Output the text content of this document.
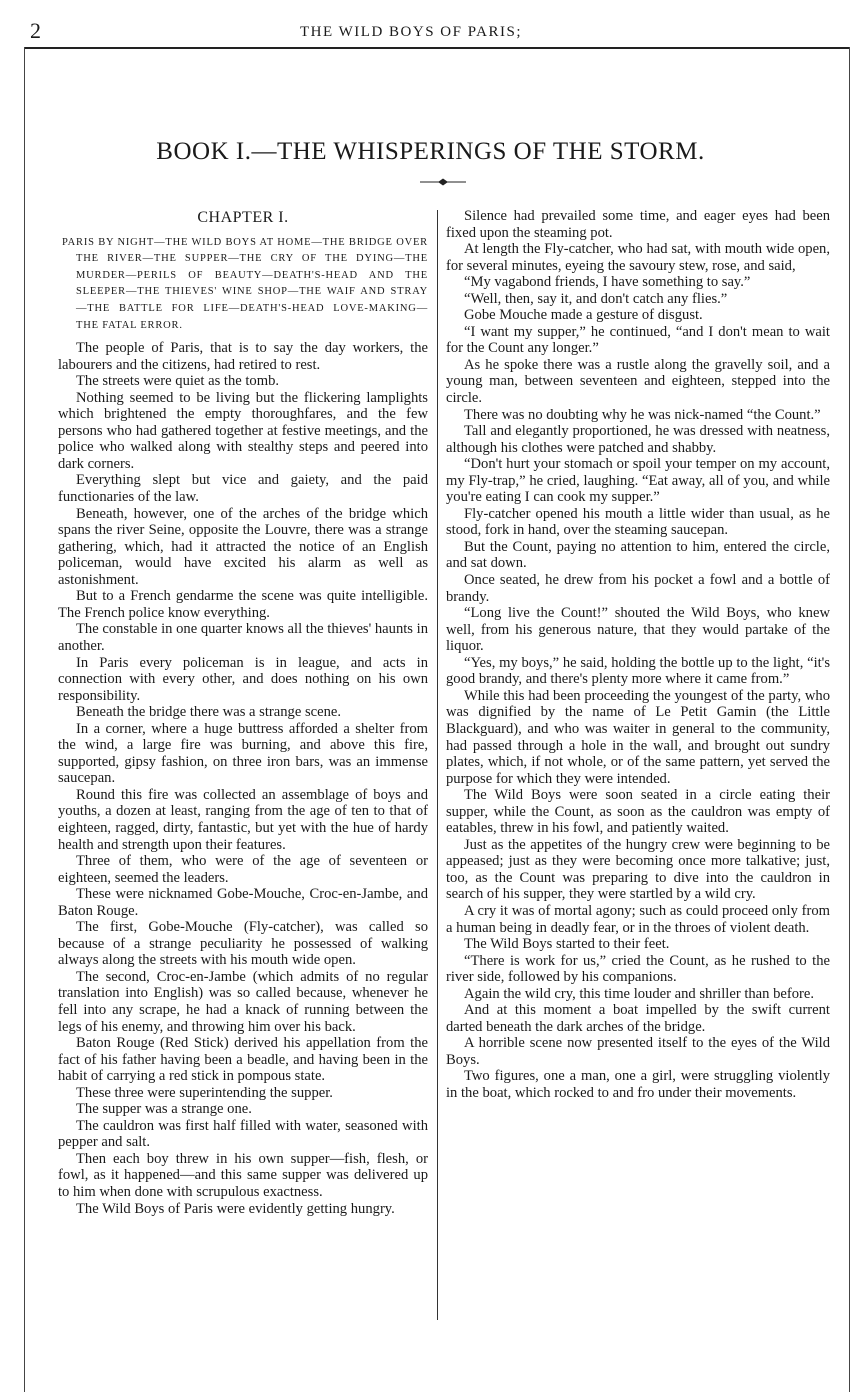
2	THE WILD BOYS OF PARIS;
BOOK I.—THE WHISPERINGS OF THE STORM.
CHAPTER I.
PARIS BY NIGHT—THE WILD BOYS AT HOME—THE BRIDGE OVER THE RIVER—THE SUPPER—THE CRY OF THE DYING—THE MURDER—PERILS OF BEAUTY—DEATH'S-HEAD AND THE SLEEPER—THE THIEVES' WINE SHOP—THE WAIF AND STRAY—THE BATTLE FOR LIFE—DEATH'S-HEAD LOVE-MAKING—THE FATAL ERROR.

The people of Paris, that is to say the day workers, the labourers and the citizens, had retired to rest.

The streets were quiet as the tomb.

Nothing seemed to be living but the flickering lamplights which brightened the empty thoroughfares, and the few persons who had gathered together at festive meetings, and the police who walked along with stealthy steps and peered into dark corners.

Everything slept but vice and gaiety, and the paid functionaries of the law.

Beneath, however, one of the arches of the bridge which spans the river Seine, opposite the Louvre, there was a strange gathering, which, had it attracted the notice of an English policeman, would have excited his alarm as well as astonishment.

But to a French gendarme the scene was quite intelligible. The French police know everything.

The constable in one quarter knows all the thieves' haunts in another.

In Paris every policeman is in league, and acts in connection with every other, and does nothing on his own responsibility.

Beneath the bridge there was a strange scene.

In a corner, where a huge buttress afforded a shelter from the wind, a large fire was burning, and above this fire, supported, gipsy fashion, on three iron bars, was an immense saucepan.

Round this fire was collected an assemblage of boys and youths, a dozen at least, ranging from the age of ten to that of eighteen, ragged, dirty, fantastic, but yet with the hue of hardy health and strength upon their features.

Three of them, who were of the age of seventeen or eighteen, seemed the leaders.

These were nicknamed Gobe-Mouche, Croc-en-Jambe, and Baton Rouge.

The first, Gobe-Mouche (Fly-catcher), was called so because of a strange peculiarity he possessed of walking always along the streets with his mouth wide open.

The second, Croc-en-Jambe (which admits of no regular translation into English) was so called because, whenever he fell into any scrape, he had a knack of running between the legs of his enemy, and throwing him over his back.

Baton Rouge (Red Stick) derived his appellation from the fact of his father having been a beadle, and having been in the habit of carrying a red stick in pompous state.

These three were superintending the supper.

The supper was a strange one.

The cauldron was first half filled with water, seasoned with pepper and salt.

Then each boy threw in his own supper—fish, flesh, or fowl, as it happened—and this same supper was delivered up to him when done with scrupulous exactness.

The Wild Boys of Paris were evidently getting hungry.

Silence had prevailed some time, and eager eyes had been fixed upon the steaming pot.

At length the Fly-catcher, who had sat, with mouth wide open, for several minutes, eyeing the savoury stew, rose, and said,

“My vagabond friends, I have something to say.”

“Well, then, say it, and don't catch any flies.”

Gobe Mouche made a gesture of disgust.

“I want my supper,” he continued, “and I don't mean to wait for the Count any longer.”

As he spoke there was a rustle along the gravelly soil, and a young man, between seventeen and eighteen, stepped into the circle.

There was no doubting why he was nick-named “the Count.”

Tall and elegantly proportioned, he was dressed with neatness, although his clothes were patched and shabby.

“Don't hurt your stomach or spoil your temper on my account, my Fly-trap,” he cried, laughing. “Eat away, all of you, and while you're eating I can cook my supper.”

Fly-catcher opened his mouth a little wider than usual, as he stood, fork in hand, over the steaming saucepan.

But the Count, paying no attention to him, entered the circle, and sat down.

Once seated, he drew from his pocket a fowl and a bottle of brandy.

“Long live the Count!” shouted the Wild Boys, who knew well, from his generous nature, that they would partake of the liquor.

“Yes, my boys,” he said, holding the bottle up to the light, “it's good brandy, and there's plenty more where it came from.”

While this had been proceeding the youngest of the party, who was dignified by the name of Le Petit Gamin (the Little Blackguard), and who was waiter in general to the community, had passed through a hole in the wall, and brought out sundry plates, which, if not whole, or of the same pattern, yet served the purpose for which they were intended.

The Wild Boys were soon seated in a circle eating their supper, while the Count, as soon as the cauldron was empty of eatables, threw in his fowl, and patiently waited.

Just as the appetites of the hungry crew were beginning to be appeased; just as they were becoming once more talkative; just, too, as the Count was preparing to dive into the cauldron in search of his supper, they were startled by a wild cry.

A cry it was of mortal agony; such as could proceed only from a human being in deadly fear, or in the throes of violent death.

The Wild Boys started to their feet.

“There is work for us,” cried the Count, as he rushed to the river side, followed by his companions.

Again the wild cry, this time louder and shriller than before.

And at this moment a boat impelled by the swift current darted beneath the dark arches of the bridge.

A horrible scene now presented itself to the eyes of the Wild Boys.

Two figures, one a man, one a girl, were struggling violently in the boat, which rocked to and fro under their movements.
